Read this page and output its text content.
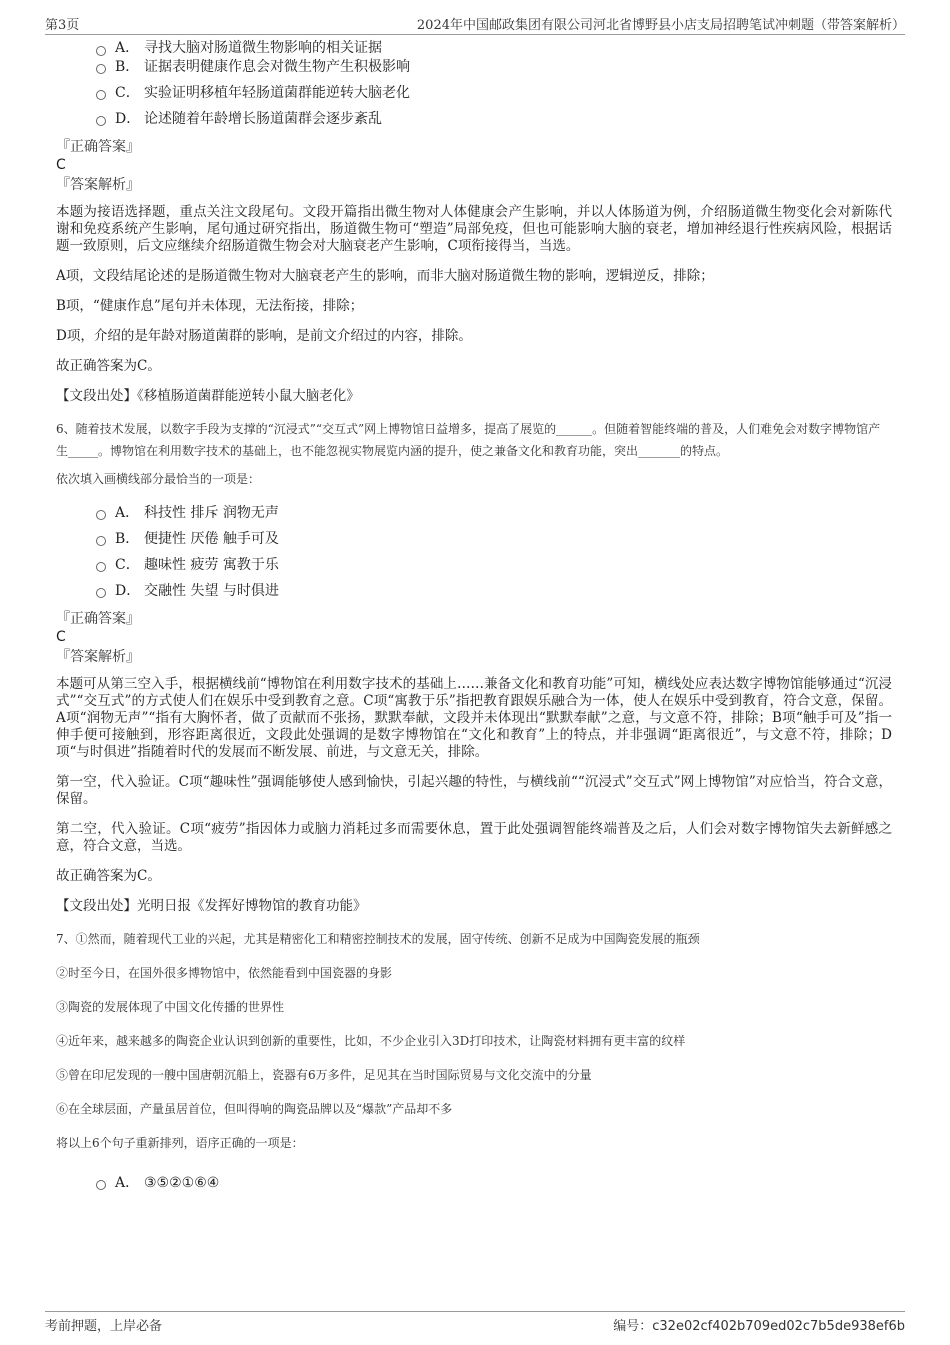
第3页	2024年中国邮政集团有限公司河北省博野县小店支局招聘笔试冲刺题（带答案解析）
A． 寻找大脑对肠道微生物影响的相关证据
B． 证据表明健康作息会对微生物产生积极影响
C． 实验证明移植年轻肠道菌群能逆转大脑老化
D． 论述随着年龄增长肠道菌群会逐步紊乱
『正确答案』
C
『答案解析』

本题为接语选择题，重点关注文段尾句。文段开篇指出微生物对人体健康会产生影响，并以人体肠道为例，介绍肠道微生物变化会对新陈代谢和免疫系统产生影响，尾句通过研究指出，肠道微生物可“塑造”局部免疫，但也可能影响大脑的衰老，增加神经退行性疾病风险，根据话题一致原则，后文应继续介绍肠道微生物会对大脑衰老产生影响，C项衔接得当，当选。

A项，文段结尾论述的是肠道微生物对大脑衰老产生的影响，而非大脑对肠道微生物的影响，逻辑逆反，排除；

B项，“健康作息”尾句并未体现，无法衔接，排除；

D项，介绍的是年龄对肠道菌群的影响，是前文介绍过的内容，排除。

故正确答案为C。

【文段出处】《移植肠道菌群能逆转小鼠大脑老化》

6、随着技术发展，以数字手段为支撑的“沉浸式”“交互式”网上博物馆日益增多，提高了展览的______。但随着智能终端的普及，人们难免会对数字博物馆产生_____。博物馆在利用数字技术的基础上，也不能忽视实物展览内涵的提升，使之兼备文化和教育功能，突出_______的特点。

依次填入画横线部分最恰当的一项是：

A． 科技性 排斥 润物无声
B． 便捷性 厌倦 触手可及
C． 趣味性 疲劳 寓教于乐
D． 交融性 失望 与时俱进
『正确答案』
C
『答案解析』

本题可从第三空入手，根据横线前“博物馆在利用数字技术的基础上……兼备文化和教育功能”可知，横线处应表达数字博物馆能够通过“沉浸式”“交互式”的方式使人们在娱乐中受到教育之意。C项“寓教于乐”指把教育跟娱乐融合为一体，使人在娱乐中受到教育，符合文意，保留。A项“润物无声”“指有大胸怀者，做了贡献而不张扬，默默奉献，文段并未体现出“默默奉献”之意，与文意不符，排除；B项“触手可及”指一伸手便可接触到，形容距离很近，文段此处强调的是数字博物馆在“文化和教育”上的特点，并非强调“距离很近”，与文意不符，排除；D项“与时俱进”指随着时代的发展而不断发展、前进，与文意无关，排除。

第一空，代入验证。C项“趣味性”强调能够使人感到愉快，引起兴趣的特性，与横线前““沉浸式”交互式”网上博物馆”对应恰当，符合文意，保留。

第二空，代入验证。C项“疲劳”指因体力或脑力消耗过多而需要休息，置于此处强调智能终端普及之后，人们会对数字博物馆失去新鲜感之意，符合文意，当选。

故正确答案为C。

【文段出处】光明日报《发挥好博物馆的教育功能》

7、①然而，随着现代工业的兴起，尤其是精密化工和精密控制技术的发展，固守传统、创新不足成为中国陶瓷发展的瓶颈

②时至今日，在国外很多博物馆中，依然能看到中国瓷器的身影

③陶瓷的发展体现了中国文化传播的世界性

④近年来，越来越多的陶瓷企业认识到创新的重要性，比如，不少企业引入3D打印技术，让陶瓷材料拥有更丰富的纹样

⑤曾在印尼发现的一艘中国唐朝沉船上，瓷器有6万多件，足见其在当时国际贸易与文化交流中的分量

⑥在全球层面，产量虽居首位，但叫得响的陶瓷品牌以及“爆款”产品却不多

将以上6个句子重新排列，语序正确的一项是：

A． ③⑤②①⑥④
考前押题，上岸必备	编号：c32e02cf402b709ed02c7b5de938ef6b
